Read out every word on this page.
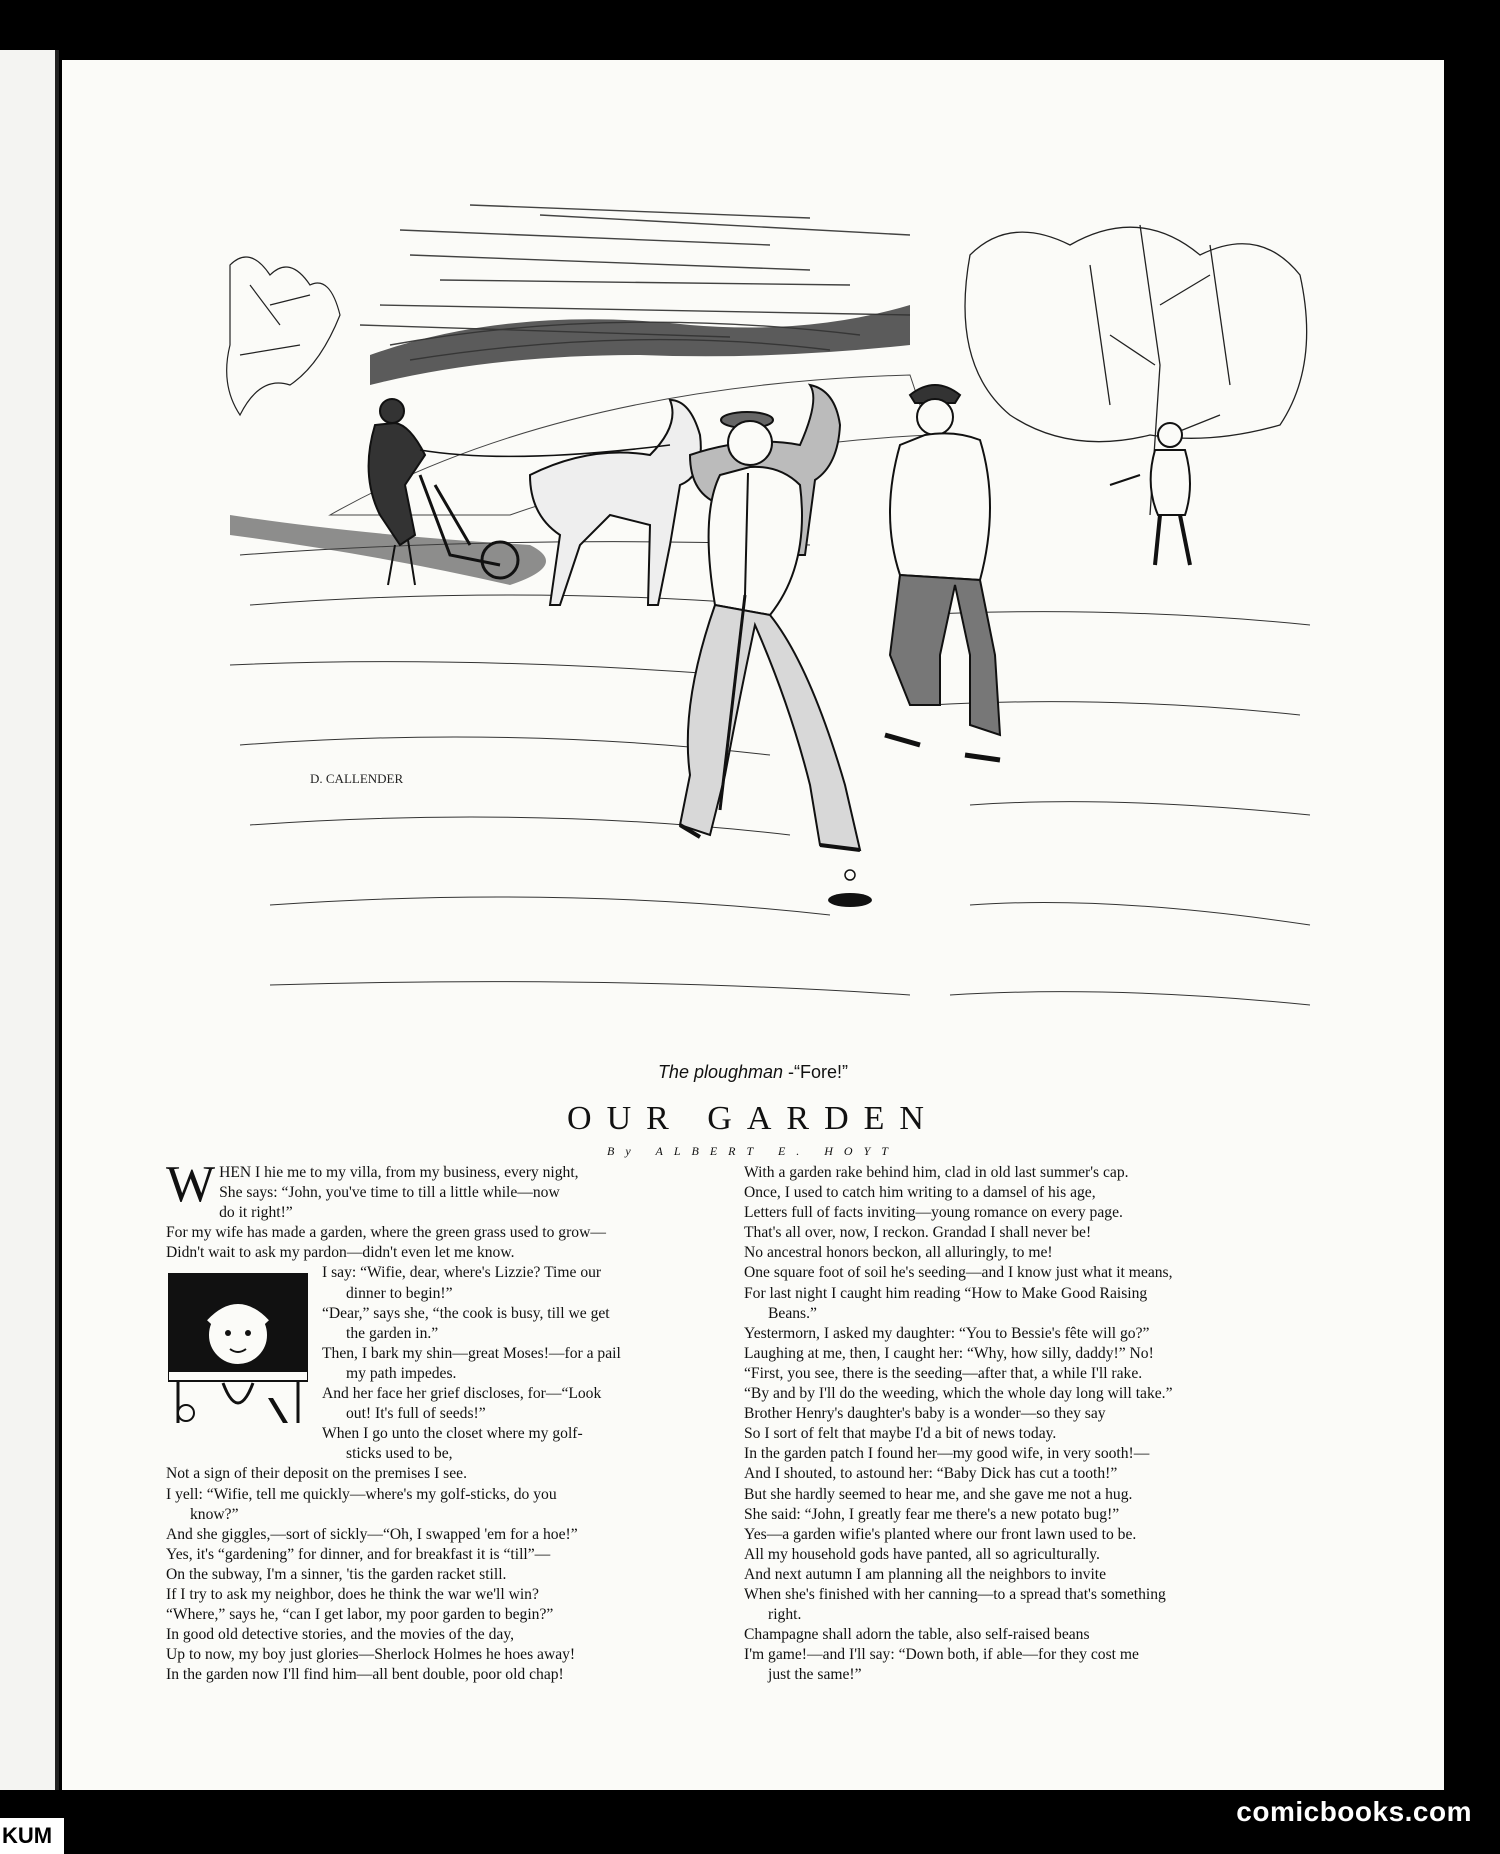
KUM
D. CALLENDER
The ploughman -“Fore!”
OUR GARDEN
By ALBERT E. HOYT
W HEN I hie me to my villa, from my business, every night,
She says: “John, you've time to till a little while—now
do it right!”
For my wife has made a garden, where the green grass used to grow—
Didn't wait to ask my pardon—didn't even let me know.
I say: “Wifie, dear, where's Lizzie? Time our
dinner to begin!”
“Dear,” says she, “the cook is busy, till we get
the garden in.”
Then, I bark my shin—great Moses!—for a pail
my path impedes.
And her face her grief discloses, for—“Look
out! It's full of seeds!”
When I go unto the closet where my golf-
sticks used to be,
Not a sign of their deposit on the premises I see.
I yell: “Wifie, tell me quickly—where's my golf-sticks, do you
know?”
And she giggles,—sort of sickly—“Oh, I swapped 'em for a hoe!”
Yes, it's “gardening” for dinner, and for breakfast it is “till”—
On the subway, I'm a sinner, 'tis the garden racket still.
If I try to ask my neighbor, does he think the war we'll win?
“Where,” says he, “can I get labor, my poor garden to begin?”
In good old detective stories, and the movies of the day,
Up to now, my boy just glories—Sherlock Holmes he hoes away!
In the garden now I'll find him—all bent double, poor old chap!
With a garden rake behind him, clad in old last summer's cap.
Once, I used to catch him writing to a damsel of his age,
Letters full of facts inviting—young romance on every page.
That's all over, now, I reckon. Grandad I shall never be!
No ancestral honors beckon, all alluringly, to me!
One square foot of soil he's seeding—and I know just what it means,
For last night I caught him reading “How to Make Good Raising
Beans.”
Yestermorn, I asked my daughter: “You to Bessie's fête will go?”
Laughing at me, then, I caught her: “Why, how silly, daddy!” No!
“First, you see, there is the seeding—after that, a while I'll rake.
“By and by I'll do the weeding, which the whole day long will take.”
Brother Henry's daughter's baby is a wonder—so they say
So I sort of felt that maybe I'd a bit of news today.
In the garden patch I found her—my good wife, in very sooth!—
And I shouted, to astound her: “Baby Dick has cut a tooth!”
But she hardly seemed to hear me, and she gave me not a hug.
She said: “John, I greatly fear me there's a new potato bug!”
Yes—a garden wifie's planted where our front lawn used to be.
All my household gods have panted, all so agriculturally.
And next autumn I am planning all the neighbors to invite
When she's finished with her canning—to a spread that's something
right.
Champagne shall adorn the table, also self-raised beans
I'm game!—and I'll say: “Down both, if able—for they cost me
just the same!”
comicbooks.com
